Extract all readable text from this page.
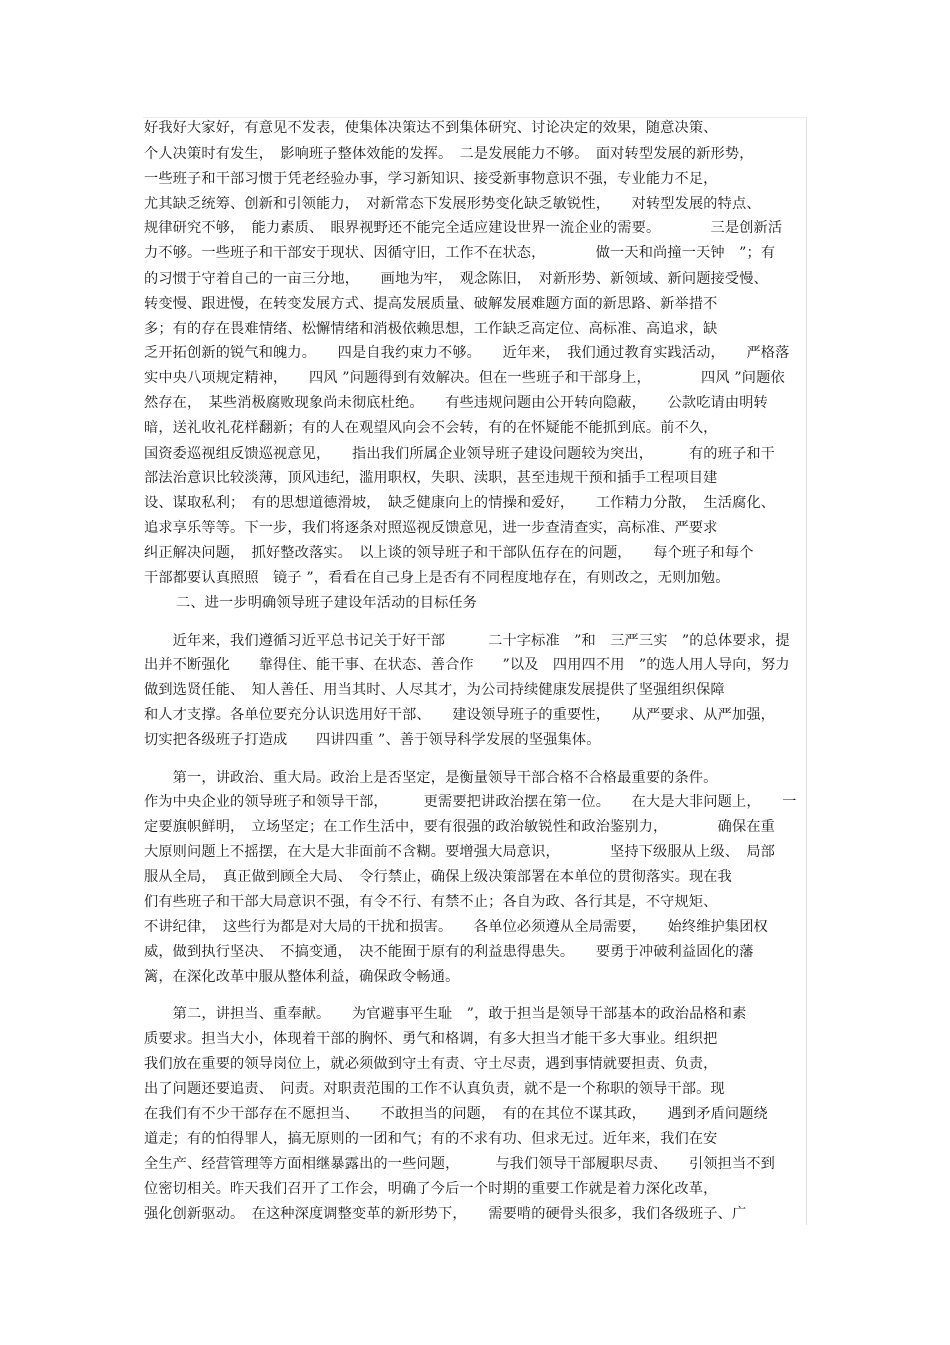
好我好大家好，有意见不发表，使集体决策达不到集体研究、讨论决定的效果，随意决策、
个人决策时有发生，　影响班子整体效能的发挥。　二是发展能力不够。　面对转型发展的新形势，
一些班子和干部习惯于凭老经验办事，学习新知识、接受新事物意识不强，专业能力不足，
尤其缺乏统筹、创新和引领能力，　对新常态下发展形势变化缺乏敏锐性，　　对转型发展的特点、
规律研究不够，　能力素质、　眼界视野还不能完全适应建设世界一流企业的需要。　　　　三是创新活
力不够。一些班子和干部安于现状、因循守旧，工作不在状态，　　　　做一天和尚撞一天钟　”；有
的习惯于守着自己的一亩三分地，　　画地为牢，　观念陈旧，　对新形势、新领域、新问题接受慢、
转变慢、跟进慢，在转变发展方式、提高发展质量、破解发展难题方面的新思路、新举措不
多；有的存在畏难情绪、松懈情绪和消极依赖思想，工作缺乏高定位、高标准、高追求，缺
乏开拓创新的锐气和魄力。　　四是自我约束力不够。　　近年来，　我们通过教育实践活动，　　严格落
实中央八项规定精神，　　四风 ”问题得到有效解决。但在一些班子和干部身上，　　　　四风 ”问题依
然存在，　某些消极腐败现象尚未彻底杜绝。　　有些违规问题由公开转向隐蔽，　　公款吃请由明转
暗，送礼收礼花样翻新；有的人在观望风向会不会转，有的在怀疑能不能抓到底。前不久，
国资委巡视组反馈巡视意见，　　指出我们所属企业领导班子建设问题较为突出，　　　有的班子和干
部法治意识比较淡薄，顶风违纪，滥用职权，失职、渎职，甚至违规干预和插手工程项目建
设、谋取私利；　有的思想道德滑坡，　缺乏健康向上的情操和爱好，　　工作精力分散，　生活腐化、
追求享乐等等。下一步，我们将逐条对照巡视反馈意见，进一步查清查实，高标准、严要求
纠正解决问题，　抓好整改落实。　以上谈的领导班子和干部队伍存在的问题，　　每个班子和每个
干部都要认真照照　镜子 ”，看看在自己身上是否有不同程度地存在，有则改之，无则加勉。
二、进一步明确领导班子建设年活动的目标任务
　　近年来，我们遵循习近平总书记关于好干部　　　二十字标准　”和　三严三实　”的总体要求，提
出并不断强化　　靠得住、能干事、在状态、善合作　　”以及　四用四不用　”的选人用人导向，努力
做到选贤任能、　知人善任、用当其时、人尽其才，为公司持续健康发展提供了坚强组织保障
和人才支撑。各单位要充分认识选用好干部、　　建设领导班子的重要性，　　从严要求、从严加强，
切实把各级班子打造成　　四讲四重 ”、善于领导科学发展的坚强集体。
　　第一，讲政治、重大局。政治上是否坚定，是衡量领导干部合格不合格最重要的条件。
作为中央企业的领导班子和领导干部，　　　更需要把讲政治摆在第一位。　　在大是大非问题上，　　一
定要旗帜鲜明，　立场坚定；在工作生活中，要有很强的政治敏锐性和政治鉴别力，　　　　确保在重
大原则问题上不摇摆，在大是大非面前不含糊。要增强大局意识，　　　　坚持下级服从上级、　局部
服从全局，　真正做到顾全大局、　令行禁止，确保上级决策部署在本单位的贯彻落实。现在我
们有些班子和干部大局意识不强，有令不行、有禁不止；各自为政、各行其是，不守规矩、
不讲纪律，　这些行为都是对大局的干扰和损害。　　各单位必须遵从全局需要，　　始终维护集团权
威，做到执行坚决、　不搞变通，　决不能囿于原有的利益患得患失。　　要勇于冲破利益固化的藩
篱，在深化改革中服从整体利益，确保政令畅通。
　　第二，讲担当、重奉献。　　为官避事平生耻　”，敢于担当是领导干部基本的政治品格和素
质要求。担当大小，体现着干部的胸怀、勇气和格调，有多大担当才能干多大事业。组织把
我们放在重要的领导岗位上，就必须做到守土有责、守土尽责，遇到事情就要担责、负责，
出了问题还要追责、　问责。对职责范围的工作不认真负责，就不是一个称职的领导干部。现
在我们有不少干部存在不愿担当、　　不敢担当的问题，　有的在其位不谋其政，　　遇到矛盾问题绕
道走；有的怕得罪人，搞无原则的一团和气；有的不求有功、但求无过。近年来，我们在安
全生产、经营管理等方面相继暴露出的一些问题，　　　与我们领导干部履职尽责、　　引领担当不到
位密切相关。昨天我们召开了工作会，明确了今后一个时期的重要工作就是着力深化改革，
强化创新驱动。　在这种深度调整变革的新形势下，　　需要啃的硬骨头很多，我们各级班子、广
